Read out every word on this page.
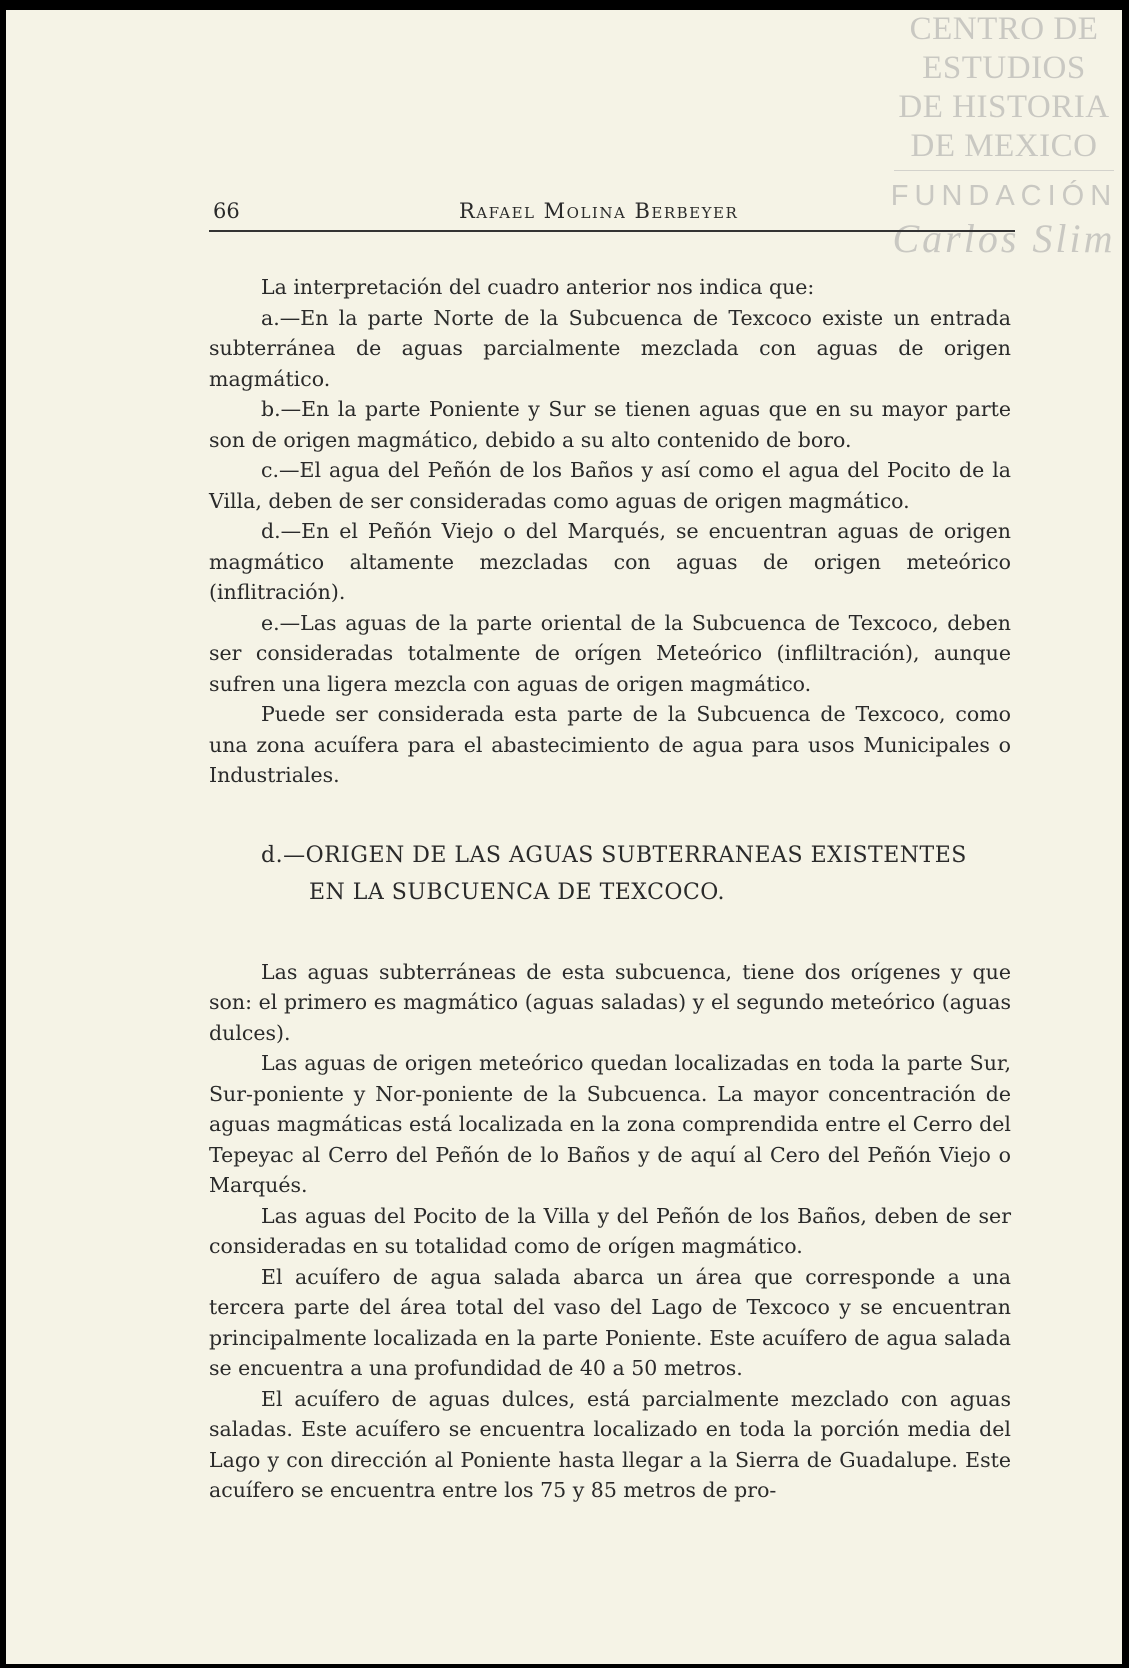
CENTRO DE
ESTUDIOS
DE HISTORIA
DE MEXICO
FUNDACIÓN
Carlos Slim
66	Rafael Molina Berbeyer

La interpretación del cuadro anterior nos indica que:

a.—En la parte Norte de la Subcuenca de Texcoco existe un entrada subterránea de aguas parcialmente mezclada con aguas de origen magmático.

b.—En la parte Poniente y Sur se tienen aguas que en su mayor parte son de origen magmático, debido a su alto contenido de boro.

c.—El agua del Peñón de los Baños y así como el agua del Pocito de la Villa, deben de ser consideradas como aguas de origen magmático.

d.—En el Peñón Viejo o del Marqués, se encuentran aguas de origen magmático altamente mezcladas con aguas de origen meteórico (inflitración).

e.—Las aguas de la parte oriental de la Subcuenca de Texcoco, deben ser consideradas totalmente de orígen Meteórico (infliltración), aunque sufren una ligera mezcla con aguas de origen magmático.

Puede ser considerada esta parte de la Subcuenca de Texcoco, como una zona acuífera para el abastecimiento de agua para usos Municipales o Industriales.

d.—ORIGEN DE LAS AGUAS SUBTERRANEAS EXISTENTES
EN LA SUBCUENCA DE TEXCOCO.

Las aguas subterráneas de esta subcuenca, tiene dos orígenes y que son: el primero es magmático (aguas saladas) y el segundo meteórico (aguas dulces).

Las aguas de origen meteórico quedan localizadas en toda la parte Sur, Sur-poniente y Nor-poniente de la Subcuenca. La mayor concentración de aguas magmáticas está localizada en la zona comprendida entre el Cerro del Tepeyac al Cerro del Peñón de lo Baños y de aquí al Cero del Peñón Viejo o Marqués.

Las aguas del Pocito de la Villa y del Peñón de los Baños, deben de ser consideradas en su totalidad como de orígen magmático.

El acuífero de agua salada abarca un área que corresponde a una tercera parte del área total del vaso del Lago de Texcoco y se encuentran principalmente localizada en la parte Poniente. Este acuífero de agua salada se encuentra a una profundidad de 40 a 50 metros.

El acuífero de aguas dulces, está parcialmente mezclado con aguas saladas. Este acuífero se encuentra localizado en toda la porción media del Lago y con dirección al Poniente hasta llegar a la Sierra de Guadalupe. Este acuífero se encuentra entre los 75 y 85 metros de pro-
